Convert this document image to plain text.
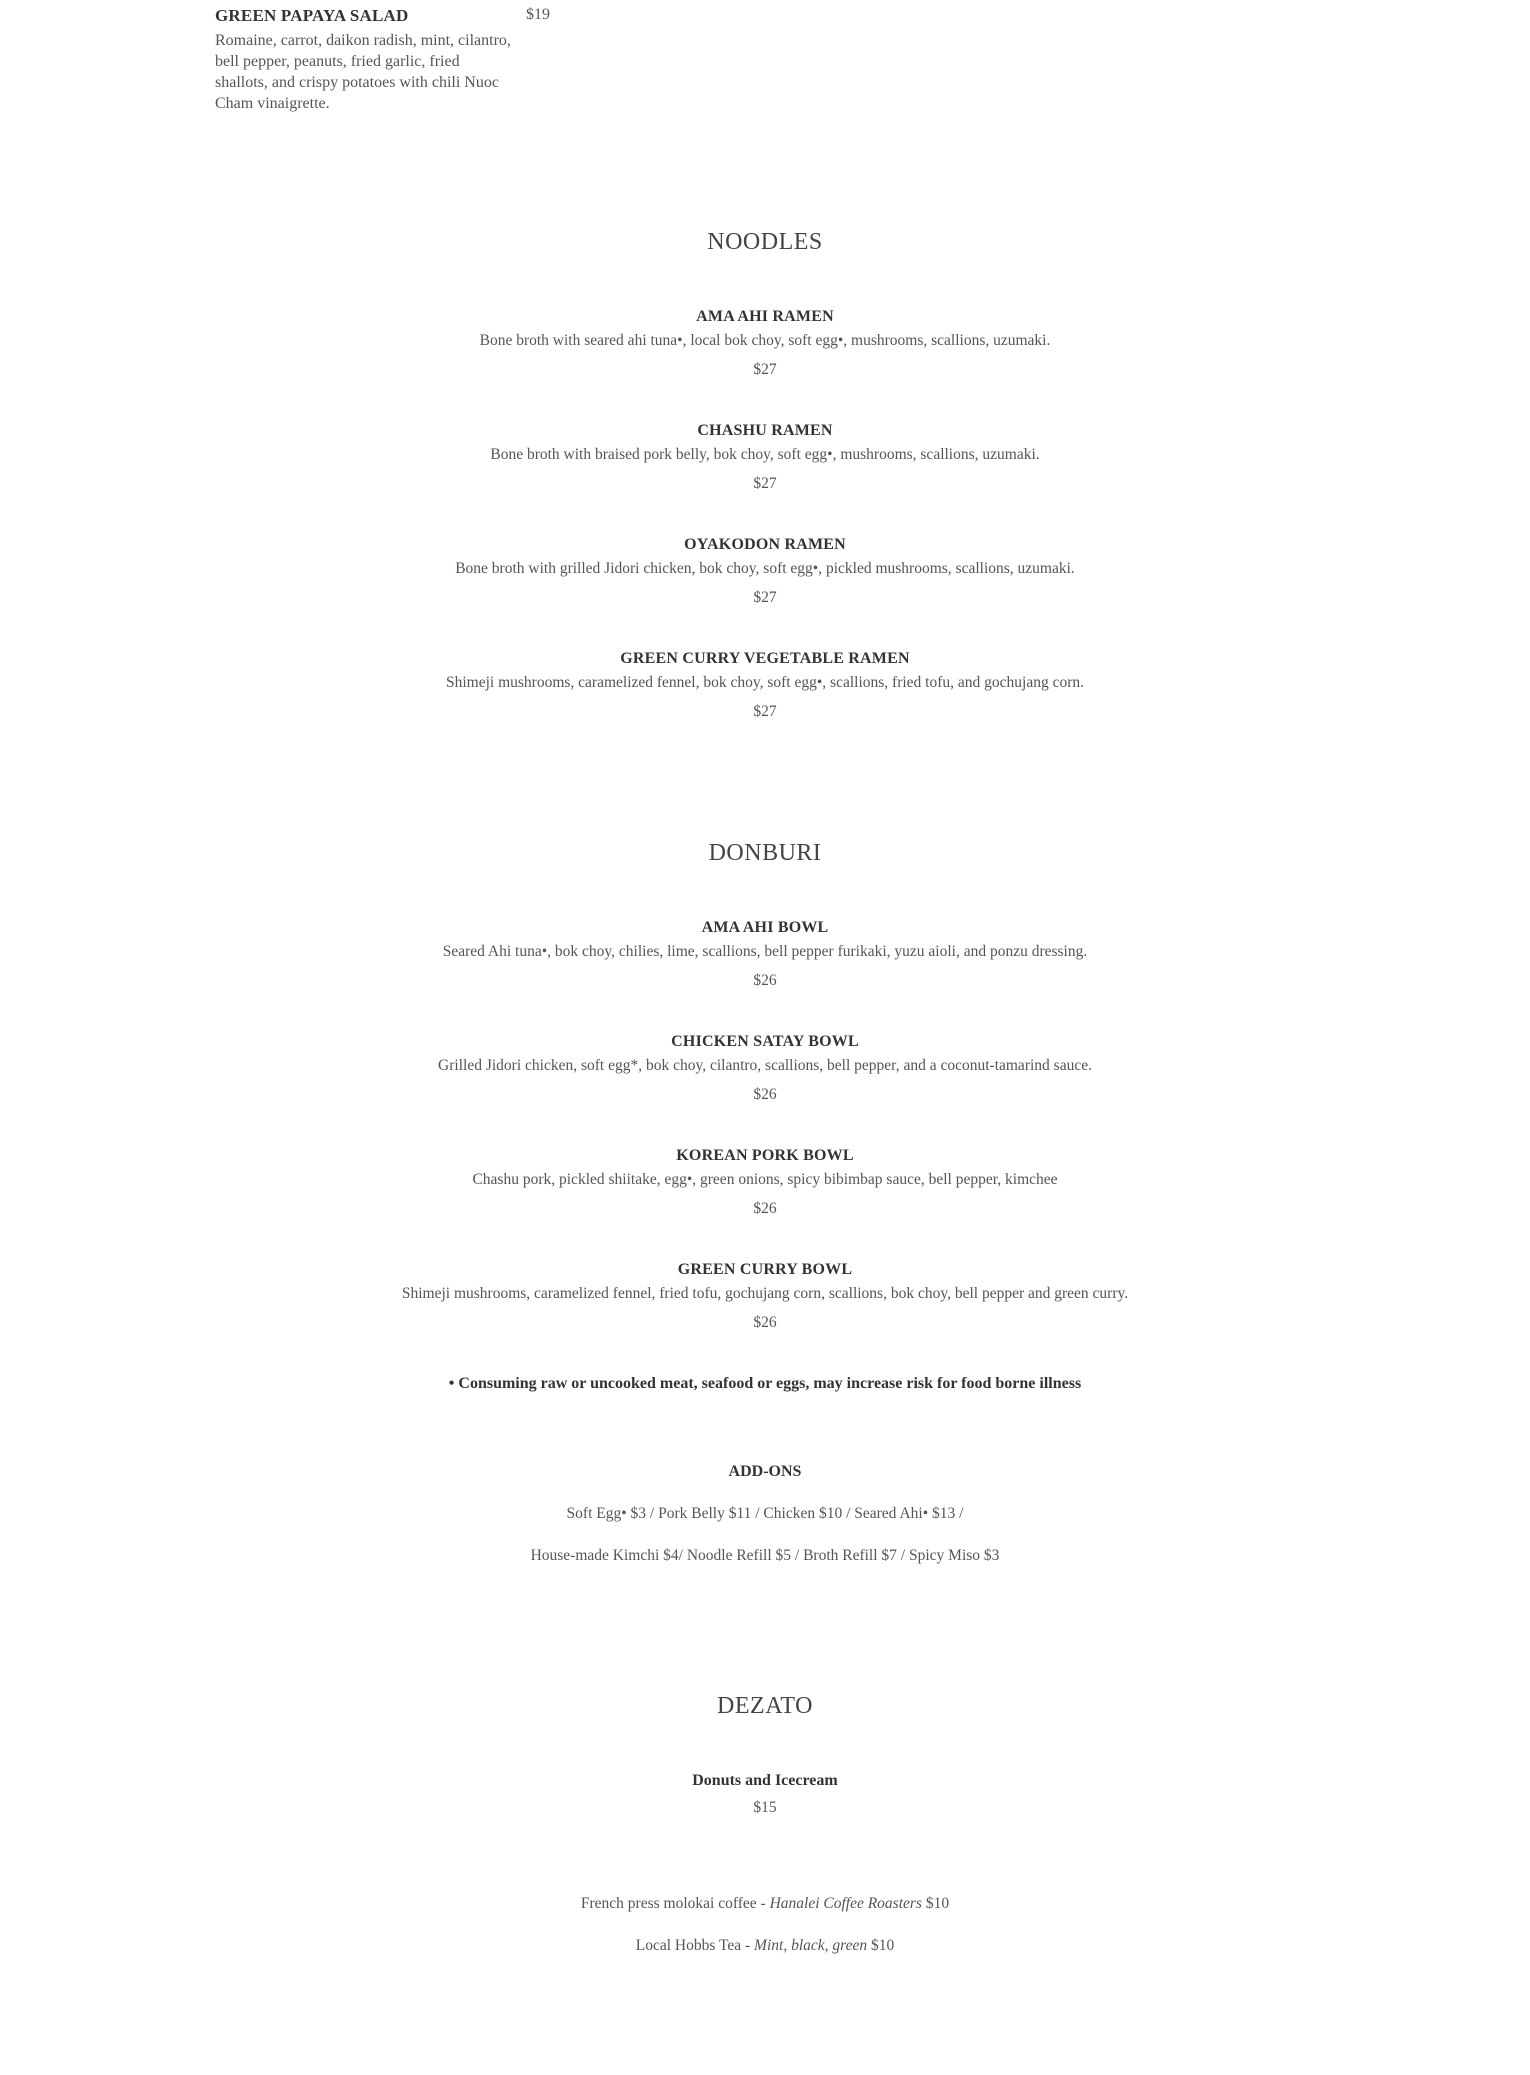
GREEN PAPAYA SALAD
Romaine, carrot, daikon radish, mint, cilantro, bell pepper, peanuts, fried garlic, fried shallots, and crispy potatoes with chili Nuoc Cham vinaigrette.
$19
NOODLES
AMA AHI RAMEN
Bone broth with seared ahi tuna•, local bok choy, soft egg•, mushrooms, scallions, uzumaki.
$27
CHASHU RAMEN
Bone broth with braised pork belly, bok choy, soft egg•, mushrooms, scallions, uzumaki.
$27
OYAKODON RAMEN
Bone broth with grilled Jidori chicken, bok choy, soft egg•, pickled mushrooms, scallions, uzumaki.
$27
GREEN CURRY VEGETABLE RAMEN
Shimeji mushrooms, caramelized fennel, bok choy, soft egg•, scallions, fried tofu, and gochujang corn.
$27
DONBURI
AMA AHI BOWL
Seared Ahi tuna•, bok choy, chilies, lime, scallions, bell pepper furikaki, yuzu aioli, and ponzu dressing.
$26
CHICKEN SATAY BOWL
Grilled Jidori chicken, soft egg*, bok choy, cilantro, scallions, bell pepper, and a coconut-tamarind sauce.
$26
KOREAN PORK BOWL
Chashu pork, pickled shiitake, egg•, green onions, spicy bibimbap sauce, bell pepper, kimchee
$26
GREEN CURRY BOWL
Shimeji mushrooms, caramelized fennel, fried tofu, gochujang corn, scallions, bok choy, bell pepper and green curry.
$26
• Consuming raw or uncooked meat, seafood or eggs, may increase risk for food borne illness
ADD-ONS
Soft Egg• $3 / Pork Belly $11 / Chicken $10 / Seared Ahi• $13 /
House-made Kimchi $4/ Noodle Refill $5 / Broth Refill $7 / Spicy Miso $3
DEZATO
Donuts and Icecream
$15
French press molokai coffee - Hanalei Coffee Roasters $10
Local Hobbs Tea - Mint, black, green $10
